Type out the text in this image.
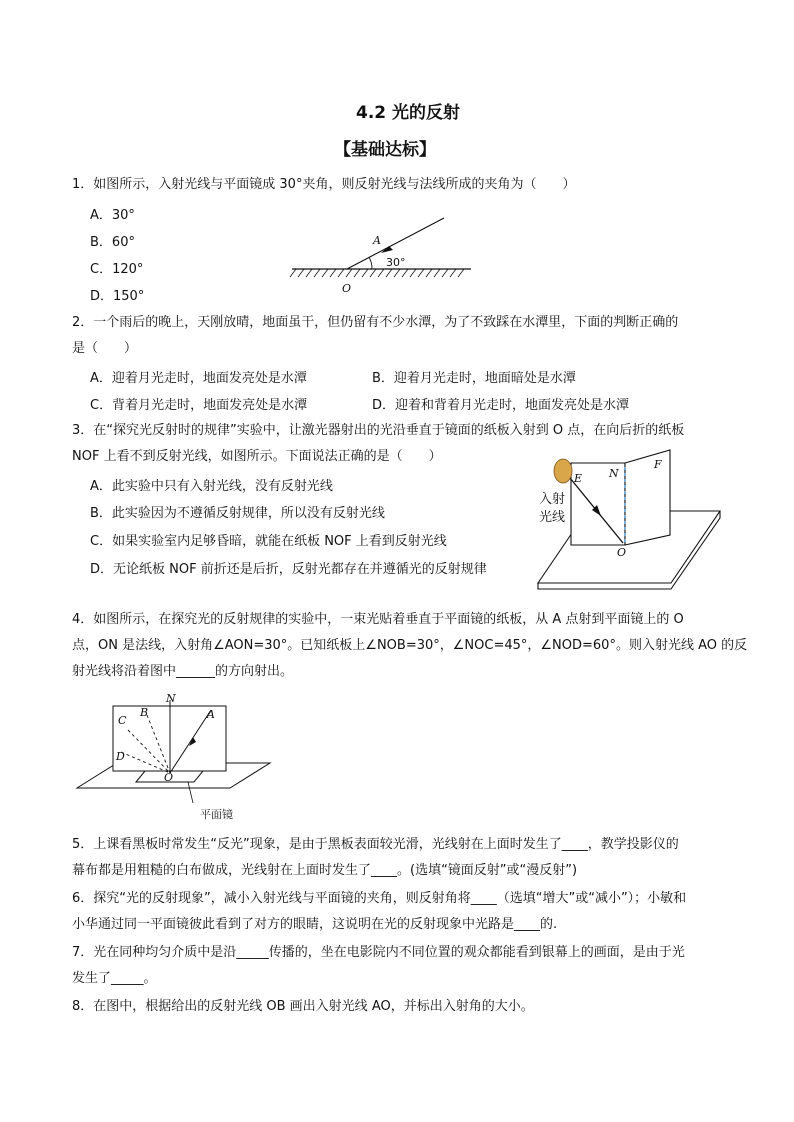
4.2 光的反射
【基础达标】
1．如图所示，入射光线与平面镜成 30°夹角，则反射光线与法线所成的夹角为（　　）
A．30°
B．60°
C．120°
D．150°
A
O
30°
2．一个雨后的晚上，天刚放晴，地面虽干，但仍留有不少水潭，为了不致踩在水潭里，下面的判断正确的
是（　　）
A．迎着月光走时，地面发亮处是水潭	B．迎着月光走时，地面暗处是水潭
C．背着月光走时，地面发亮处是水潭	D．迎着和背着月光走时，地面发亮处是水潭
3．在“探究光反射时的规律”实验中，让激光器射出的光沿垂直于镜面的纸板入射到 O 点，在向后折的纸板
NOF 上看不到反射光线，如图所示。下面说法正确的是（　　）
A．此实验中只有入射光线，没有反射光线
B．此实验因为不遵循反射规律，所以没有反射光线
C．如果实验室内足够昏暗，就能在纸板 NOF 上看到反射光线
D．无论纸板 NOF 前折还是后折，反射光都存在并遵循光的反射规律
E N
F
O
入射
光线
4．如图所示，在探究光的反射规律的实验中，一束光贴着垂直于平面镜的纸板，从 A 点射到平面镜上的 O
点，ON 是法线，入射角∠AON=30°。已知纸板上∠NOB=30°，∠NOC=45°，∠NOD=60°。则入射光线 AO 的反
射光线将沿着图中______的方向射出。
N
A
B
C
D
O
平面镜
5．上课看黑板时常发生“反光”现象，是由于黑板表面较光滑，光线射在上面时发生了____，教学投影仪的
幕布都是用粗糙的白布做成，光线射在上面时发生了____。(选填“镜面反射”或“漫反射”)
6．探究“光的反射现象”，减小入射光线与平面镜的夹角，则反射角将____（选填“增大”或“减小”）；小敏和
小华通过同一平面镜彼此看到了对方的眼睛，这说明在光的反射现象中光路是____的.
7．光在同种均匀介质中是沿_____传播的，坐在电影院内不同位置的观众都能看到银幕上的画面，是由于光
发生了_____。
8．在图中，根据给出的反射光线 OB 画出入射光线 AO，并标出入射角的大小。
